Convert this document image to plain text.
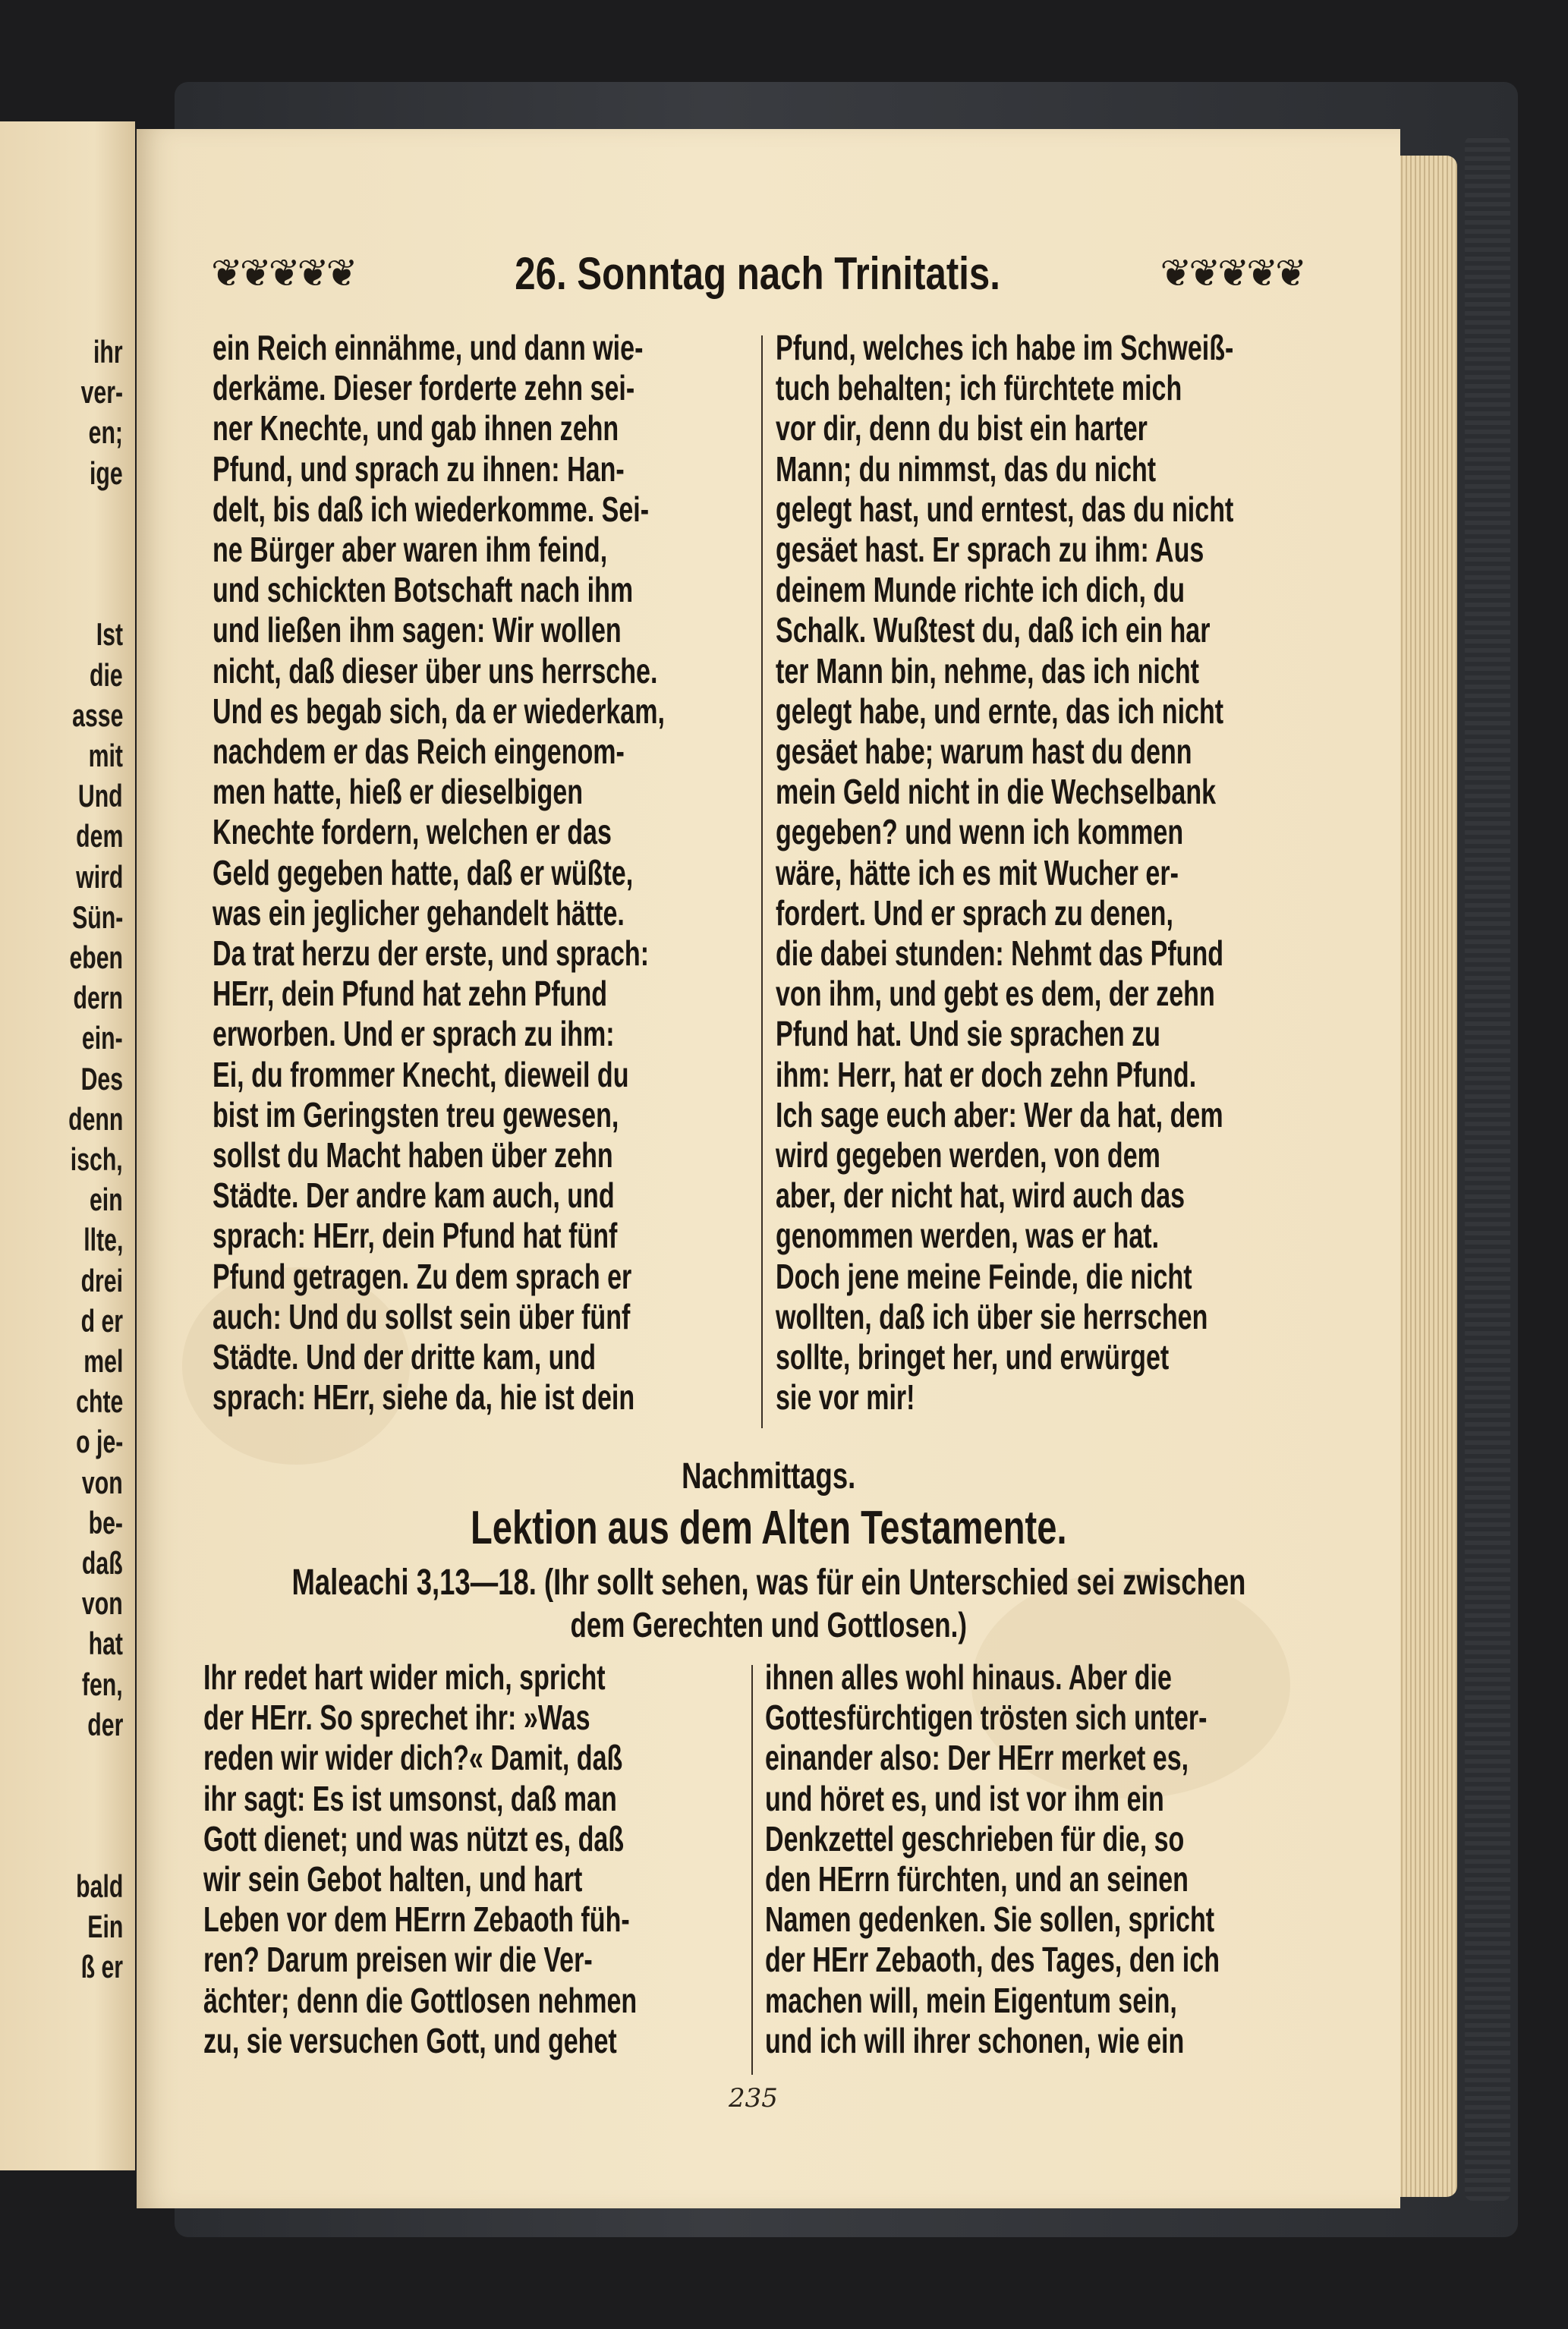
ihr
ver-
en;
ige
Ist
die
asse
mit
Und
dem
wird
Sün-
eben
dern
ein-
Des
denn
isch,
ein
llte,
drei
d er
mel
chte
o je-
von
be-
daß
von
hat
fen,
der
bald
Ein
ß er
❦❦❦❦❦	26. Sonntag nach Trinitatis.	❦❦❦❦❦
ein Reich einnähme, und dann wie-
derkäme. Dieser forderte zehn sei-
ner Knechte, und gab ihnen zehn
Pfund, und sprach zu ihnen: Han-
delt, bis daß ich wiederkomme. Sei-
ne Bürger aber waren ihm feind,
und schickten Botschaft nach ihm
und ließen ihm sagen: Wir wollen
nicht, daß dieser über uns herrsche.
Und es begab sich, da er wiederkam,
nachdem er das Reich eingenom-
men hatte, hieß er dieselbigen
Knechte fordern, welchen er das
Geld gegeben hatte, daß er wüßte,
was ein jeglicher gehandelt hätte.
Da trat herzu der erste, und sprach:
HErr, dein Pfund hat zehn Pfund
erworben. Und er sprach zu ihm:
Ei, du frommer Knecht, dieweil du
bist im Geringsten treu gewesen,
sollst du Macht haben über zehn
Städte. Der andre kam auch, und
sprach: HErr, dein Pfund hat fünf
Pfund getragen. Zu dem sprach er
auch: Und du sollst sein über fünf
Städte. Und der dritte kam, und
sprach: HErr, siehe da, hie ist dein
Pfund, welches ich habe im Schweiß-
tuch behalten; ich fürchtete mich
vor dir, denn du bist ein harter
Mann; du nimmst, das du nicht
gelegt hast, und erntest, das du nicht
gesäet hast. Er sprach zu ihm: Aus
deinem Munde richte ich dich, du
Schalk. Wußtest du, daß ich ein har
ter Mann bin, nehme, das ich nicht
gelegt habe, und ernte, das ich nicht
gesäet habe; warum hast du denn
mein Geld nicht in die Wechselbank
gegeben? und wenn ich kommen
wäre, hätte ich es mit Wucher er-
fordert. Und er sprach zu denen,
die dabei stunden: Nehmt das Pfund
von ihm, und gebt es dem, der zehn
Pfund hat. Und sie sprachen zu
ihm: Herr, hat er doch zehn Pfund.
Ich sage euch aber: Wer da hat, dem
wird gegeben werden, von dem
aber, der nicht hat, wird auch das
genommen werden, was er hat.
Doch jene meine Feinde, die nicht
wollten, daß ich über sie herrschen
sollte, bringet her, und erwürget
sie vor mir!
Nachmittags.
Lektion aus dem Alten Testamente.
Maleachi 3,13—18. (Ihr sollt sehen, was für ein Unterschied sei zwischen
dem Gerechten und Gottlosen.)
Ihr redet hart wider mich, spricht
der HErr. So sprechet ihr: »Was
reden wir wider dich?« Damit, daß
ihr sagt: Es ist umsonst, daß man
Gott dienet; und was nützt es, daß
wir sein Gebot halten, und hart
Leben vor dem HErrn Zebaoth füh-
ren? Darum preisen wir die Ver-
ächter; denn die Gottlosen nehmen
zu, sie versuchen Gott, und gehet
ihnen alles wohl hinaus. Aber die
Gottesfürchtigen trösten sich unter-
einander also: Der HErr merket es,
und höret es, und ist vor ihm ein
Denkzettel geschrieben für die, so
den HErrn fürchten, und an seinen
Namen gedenken. Sie sollen, spricht
der HErr Zebaoth, des Tages, den ich
machen will, mein Eigentum sein,
und ich will ihrer schonen, wie ein
235
